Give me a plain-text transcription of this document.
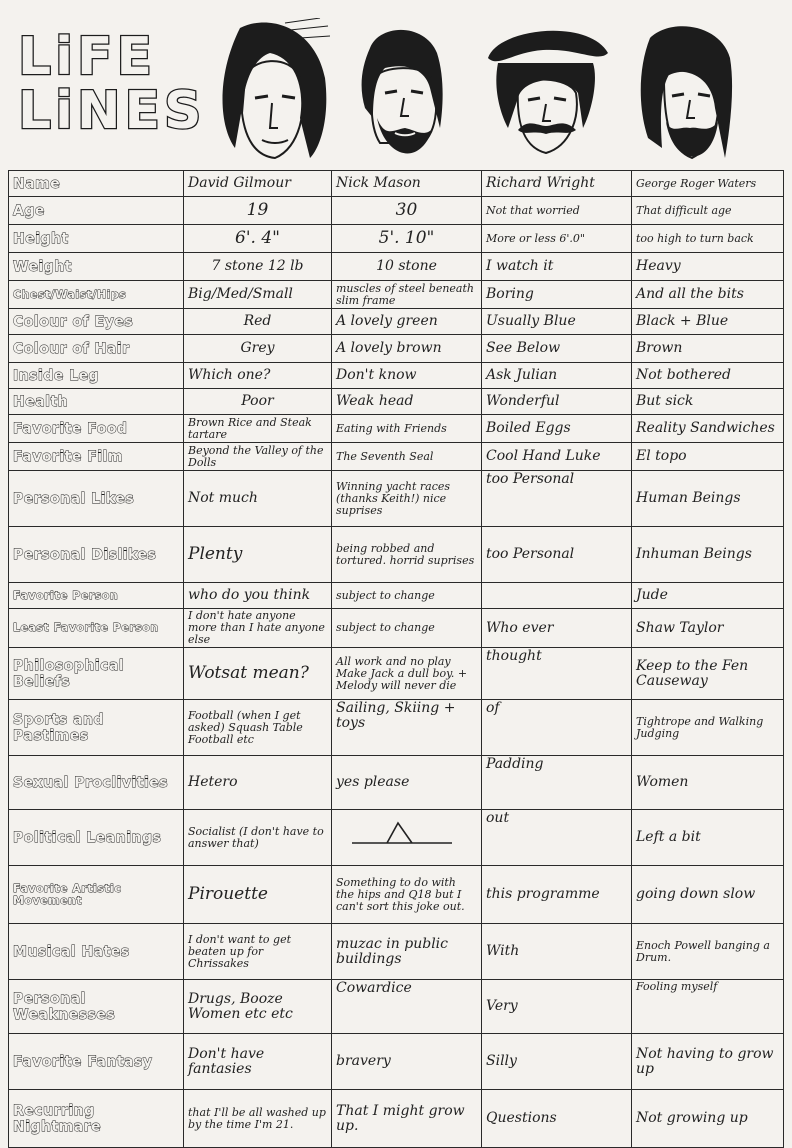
LiFE
LiNES
Name	David Gilmour	Nick Mason	Richard Wright	George Roger Waters
Age	19	30	Not that worried	That difficult age
Height	6'. 4"	5'. 10"	More or less 6'.0"	too high to turn back
Weight	7 stone 12 lb	10 stone	I watch it	Heavy
Chest/Waist/Hips	Big/Med/Small	muscles of steel beneath slim frame	Boring	And all the bits
Colour of Eyes	Red	A lovely green	Usually Blue	Black + Blue
Colour of Hair	Grey	A lovely brown	See Below	Brown
Inside Leg	Which one?	Don't know	Ask Julian	Not bothered
Health	Poor	Weak head	Wonderful	But sick
Favorite Food	Brown Rice and Steak tartare	Eating with Friends	Boiled Eggs	Reality Sandwiches
Favorite Film	Beyond the Valley of the Dolls	The Seventh Seal	Cool Hand Luke	El topo
Personal Likes	Not much	Winning yacht races (thanks Keith!) nice suprises	too Personal	Human Beings
Personal Dislikes	Plenty	being robbed and tortured. horrid suprises	too Personal	Inhuman Beings
Favorite Person	who do you think	subject to change		Jude
Least Favorite Person	I don't hate anyone more than I hate anyone else	subject to change	Who ever	Shaw Taylor
Philosophical Beliefs	Wotsat mean?	All work and no play Make Jack a dull boy. + Melody will never die	thought	Keep to the Fen Causeway
Sports and Pastimes	Football (when I get asked) Squash Table Football etc	Sailing, Skiing + toys	of	Tightrope and Walking Judging
Sexual Proclivities	Hetero	yes please	Padding	Women
Political Leanings	Socialist (I don't have to answer that)		out	Left a bit
Favorite Artistic Movement	Pirouette	Something to do with the hips and Q18 but I can't sort this joke out.	this programme	going down slow
Musical Hates	I don't want to get beaten up for Chrissakes	muzac in public buildings	With	Enoch Powell banging a Drum.
Personal Weaknesses	Drugs, Booze Women etc etc	Cowardice	Very	Fooling myself
Favorite Fantasy	Don't have fantasies	bravery	Silly	Not having to grow up
Recurring Nightmare	that I'll be all washed up by the time I'm 21.	That I might grow up.	Questions	Not growing up
